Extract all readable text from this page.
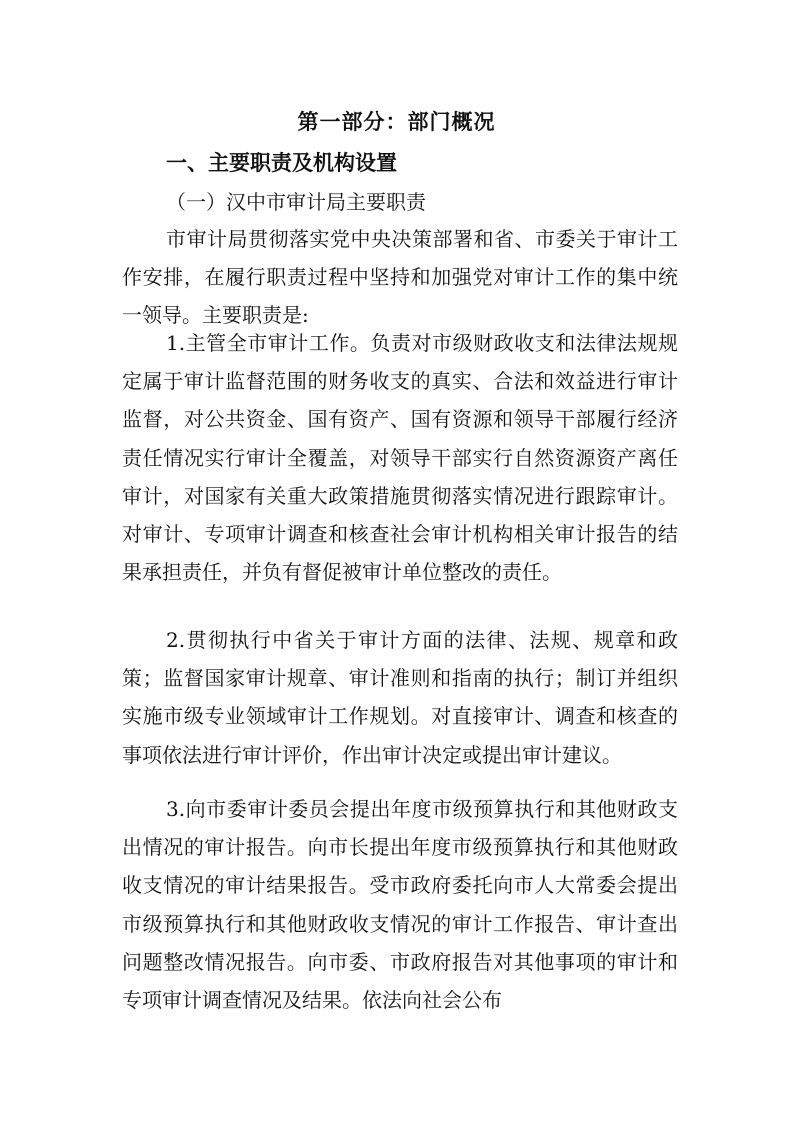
第一部分：部门概况
一、主要职责及机构设置
（一）汉中市审计局主要职责

市审计局贯彻落实党中央决策部署和省、市委关于审计工作安排，在履行职责过程中坚持和加强党对审计工作的集中统一领导。主要职责是:

1.主管全市审计工作。负责对市级财政收支和法律法规规定属于审计监督范围的财务收支的真实、合法和效益进行审计监督，对公共资金、国有资产、国有资源和领导干部履行经济责任情况实行审计全覆盖，对领导干部实行自然资源资产离任审计，对国家有关重大政策措施贯彻落实情况进行跟踪审计。对审计、专项审计调查和核查社会审计机构相关审计报告的结果承担责任，并负有督促被审计单位整改的责任。

2.贯彻执行中省关于审计方面的法律、法规、规章和政策；监督国家审计规章、审计准则和指南的执行；制订并组织实施市级专业领域审计工作规划。对直接审计、调查和核查的事项依法进行审计评价，作出审计决定或提出审计建议。

3.向市委审计委员会提出年度市级预算执行和其他财政支出情况的审计报告。向市长提出年度市级预算执行和其他财政收支情况的审计结果报告。受市政府委托向市人大常委会提出市级预算执行和其他财政收支情况的审计工作报告、审计查出问题整改情况报告。向市委、市政府报告对其他事项的审计和专项审计调查情况及结果。依法向社会公布
